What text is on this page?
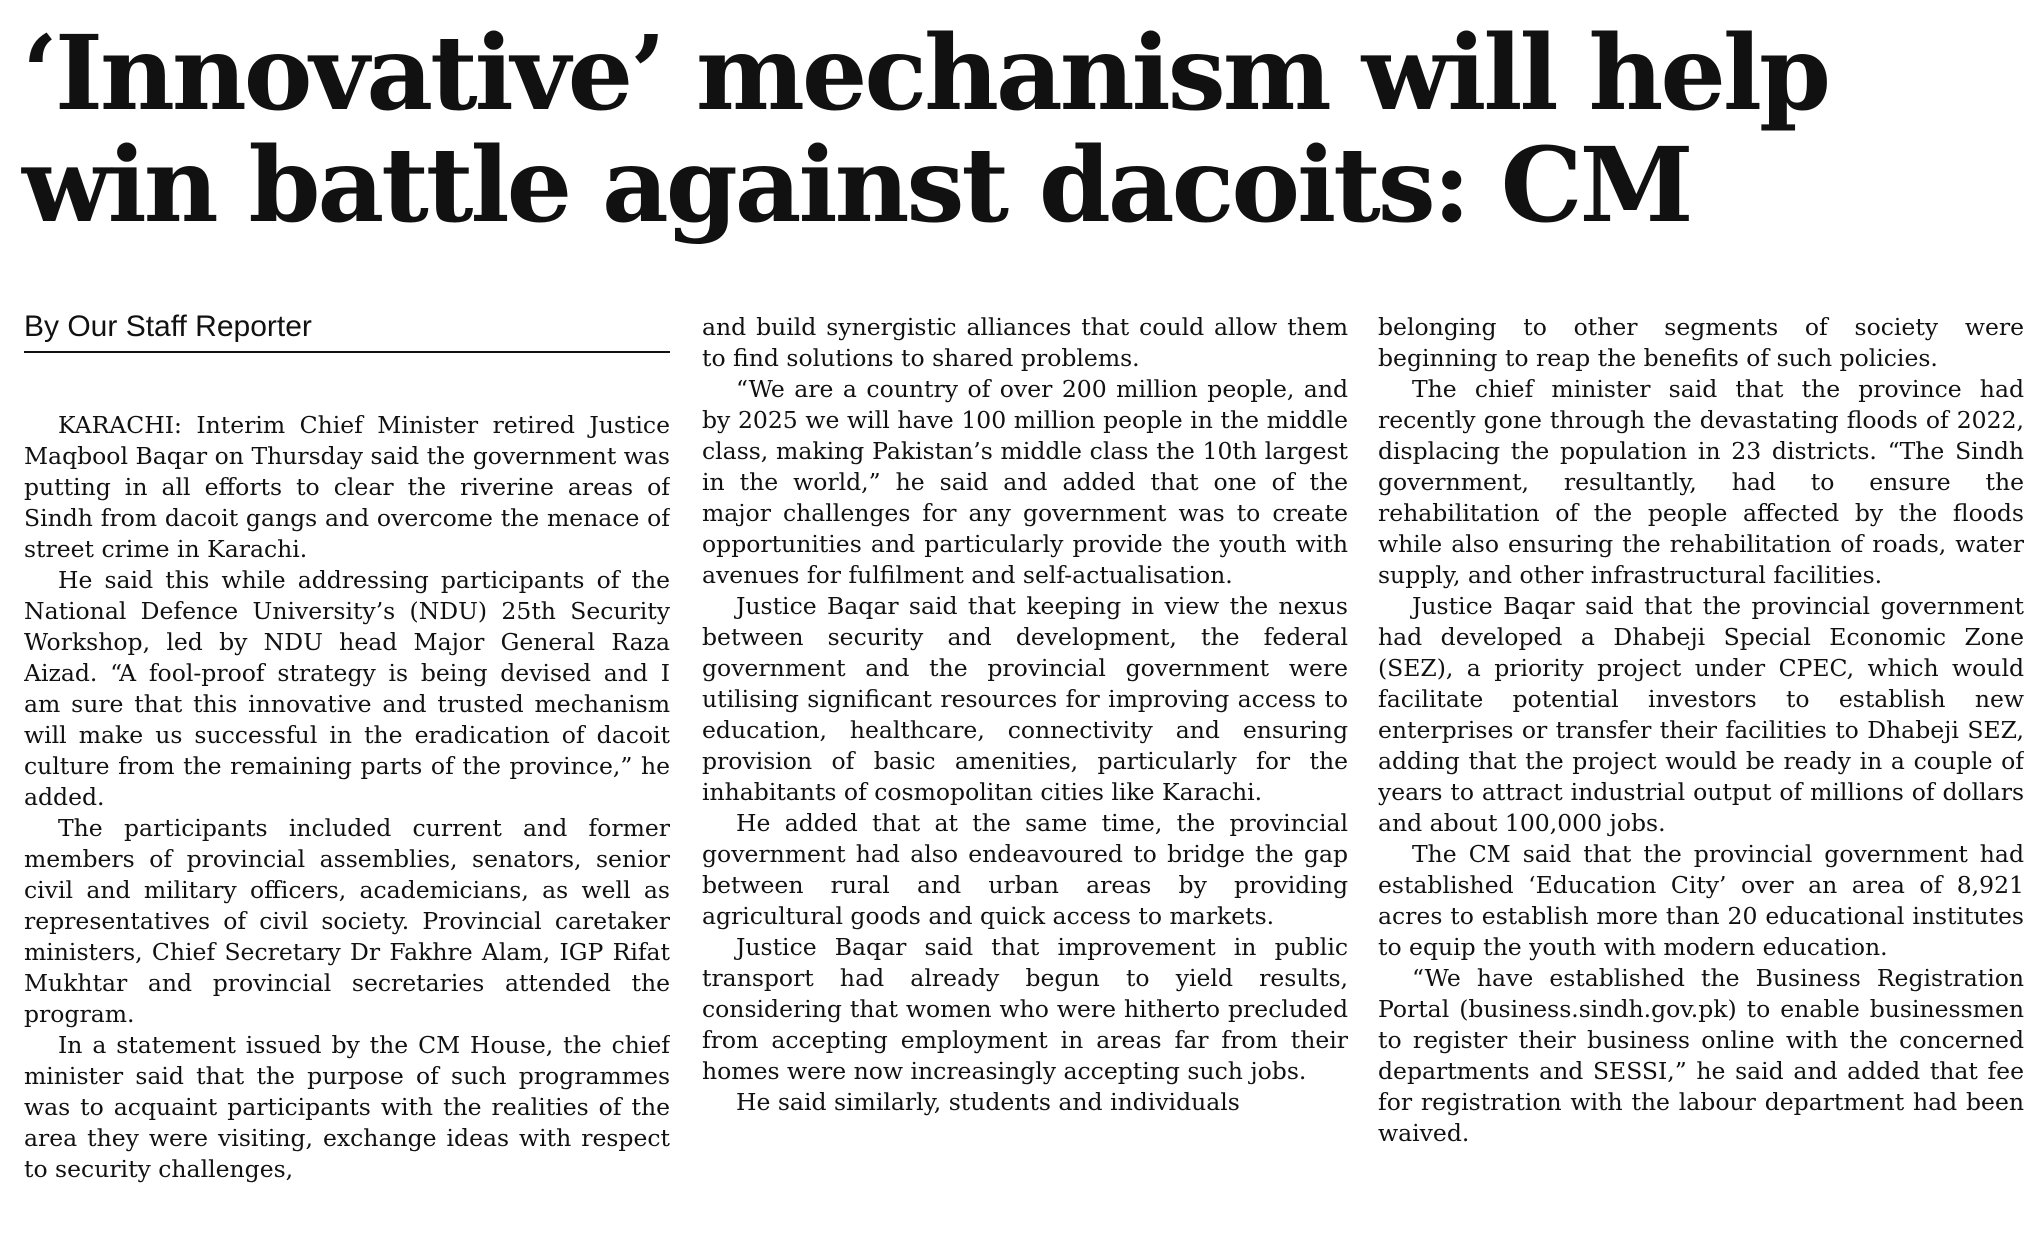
‘Innovative’ mechanism will help
win battle against dacoits: CM
By Our Staff Reporter

KARACHI: Interim Chief Minister retired Justice Maqbool Baqar on Thursday said the government was putting in all efforts to clear the riverine areas of Sindh from dacoit gangs and overcome the menace of street crime in Karachi.

He said this while addressing participants of the National Defence University’s (NDU) 25th Security Workshop, led by NDU head Major General Raza Aizad. “A fool-proof strategy is being devised and I am sure that this innovative and trusted mechanism will make us successful in the eradication of dacoit culture from the remaining parts of the province,” he added.

The participants included current and former members of provincial assemblies, senators, senior civil and military officers, academicians, as well as representatives of civil society. Provincial caretaker ministers, Chief Secretary Dr Fakhre Alam, IGP Rifat Mukhtar and provincial secretaries attended the program.

In a statement issued by the CM House, the chief minister said that the purpose of such programmes was to acquaint participants with the realities of the area they were visiting, exchange ideas with respect to security challenges,

and build synergistic alliances that could allow them to find solutions to shared problems.

“We are a country of over 200 million people, and by 2025 we will have 100 million people in the middle class, making Pakistan’s middle class the 10th largest in the world,” he said and added that one of the major challenges for any government was to create opportunities and particularly provide the youth with avenues for fulfilment and self-actualisation.

Justice Baqar said that keeping in view the nexus between security and development, the federal government and the provincial government were utilising significant resources for improving access to education, healthcare, connectivity and ensuring provision of basic amenities, particularly for the inhabitants of cosmopolitan cities like Karachi.

He added that at the same time, the provincial government had also endeavoured to bridge the gap between rural and urban areas by providing agricultural goods and quick access to markets.

Justice Baqar said that improvement in public transport had already begun to yield results, considering that women who were hitherto precluded from accepting employment in areas far from their homes were now increasingly accepting such jobs.

He said similarly, students and individuals

belonging to other segments of society were beginning to reap the benefits of such policies.

The chief minister said that the province had recently gone through the devastating floods of 2022, displacing the population in 23 districts. “The Sindh government, resultantly, had to ensure the rehabilitation of the people affected by the floods while also ensuring the rehabilitation of roads, water supply, and other infrastructural facilities.

Justice Baqar said that the provincial government had developed a Dhabeji Special Economic Zone (SEZ), a priority project under CPEC, which would facilitate potential investors to establish new enterprises or transfer their facilities to Dhabeji SEZ, adding that the project would be ready in a couple of years to attract industrial output of millions of dollars and about 100,000 jobs.

The CM said that the provincial government had established ‘Education City’ over an area of 8,921 acres to establish more than 20 educational institutes to equip the youth with modern education.

“We have established the Business Registration Portal (business.sindh.gov.pk) to enable businessmen to register their business online with the concerned departments and SESSI,” he said and added that fee for registration with the labour department had been waived.
